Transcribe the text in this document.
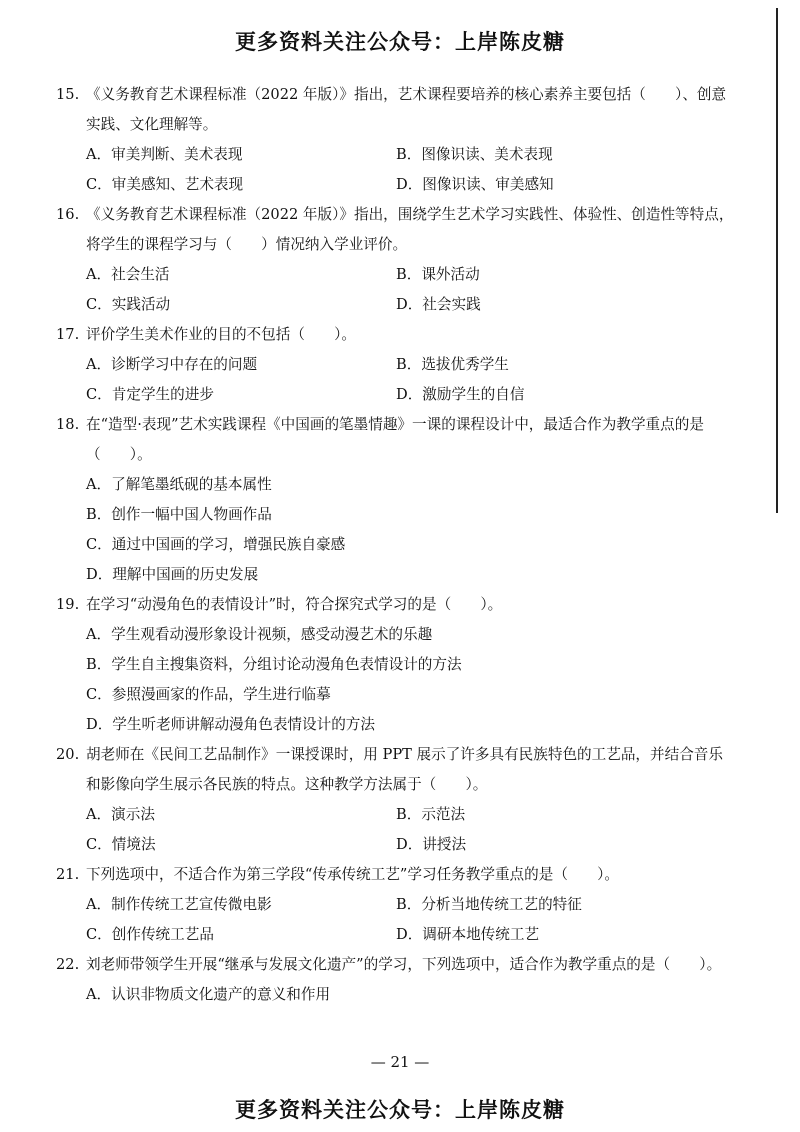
更多资料关注公众号：上岸陈皮糖
15. 《义务教育艺术课程标准（2022 年版）》指出，艺术课程要培养的核心素养主要包括（　　）、创意实践、文化理解等。
A．审美判断、美术表现	B．图像识读、美术表现
C．审美感知、艺术表现	D．图像识读、审美感知
16. 《义务教育艺术课程标准（2022 年版）》指出，围绕学生艺术学习实践性、体验性、创造性等特点，将学生的课程学习与（　　）情况纳入学业评价。
A．社会生活	B．课外活动
C．实践活动	D．社会实践
17. 评价学生美术作业的目的不包括（　　）。
A．诊断学习中存在的问题	B．选拔优秀学生
C．肯定学生的进步	D．激励学生的自信
18. 在“造型·表现”艺术实践课程《中国画的笔墨情趣》一课的课程设计中，最适合作为教学重点的是（　　）。
A．了解笔墨纸砚的基本属性
B．创作一幅中国人物画作品
C．通过中国画的学习，增强民族自豪感
D．理解中国画的历史发展
19. 在学习“动漫角色的表情设计”时，符合探究式学习的是（　　）。
A．学生观看动漫形象设计视频，感受动漫艺术的乐趣
B．学生自主搜集资料，分组讨论动漫角色表情设计的方法
C．参照漫画家的作品，学生进行临摹
D．学生听老师讲解动漫角色表情设计的方法
20. 胡老师在《民间工艺品制作》一课授课时，用 PPT 展示了许多具有民族特色的工艺品，并结合音乐和影像向学生展示各民族的特点。这种教学方法属于（　　）。
A．演示法	B．示范法
C．情境法	D．讲授法
21. 下列选项中，不适合作为第三学段“传承传统工艺”学习任务教学重点的是（　　）。
A．制作传统工艺宣传微电影	B．分析当地传统工艺的特征
C．创作传统工艺品	D．调研本地传统工艺
22. 刘老师带领学生开展“继承与发展文化遗产”的学习，下列选项中，适合作为教学重点的是（　　）。
A．认识非物质文化遗产的意义和作用
— 21 —
更多资料关注公众号：上岸陈皮糖
